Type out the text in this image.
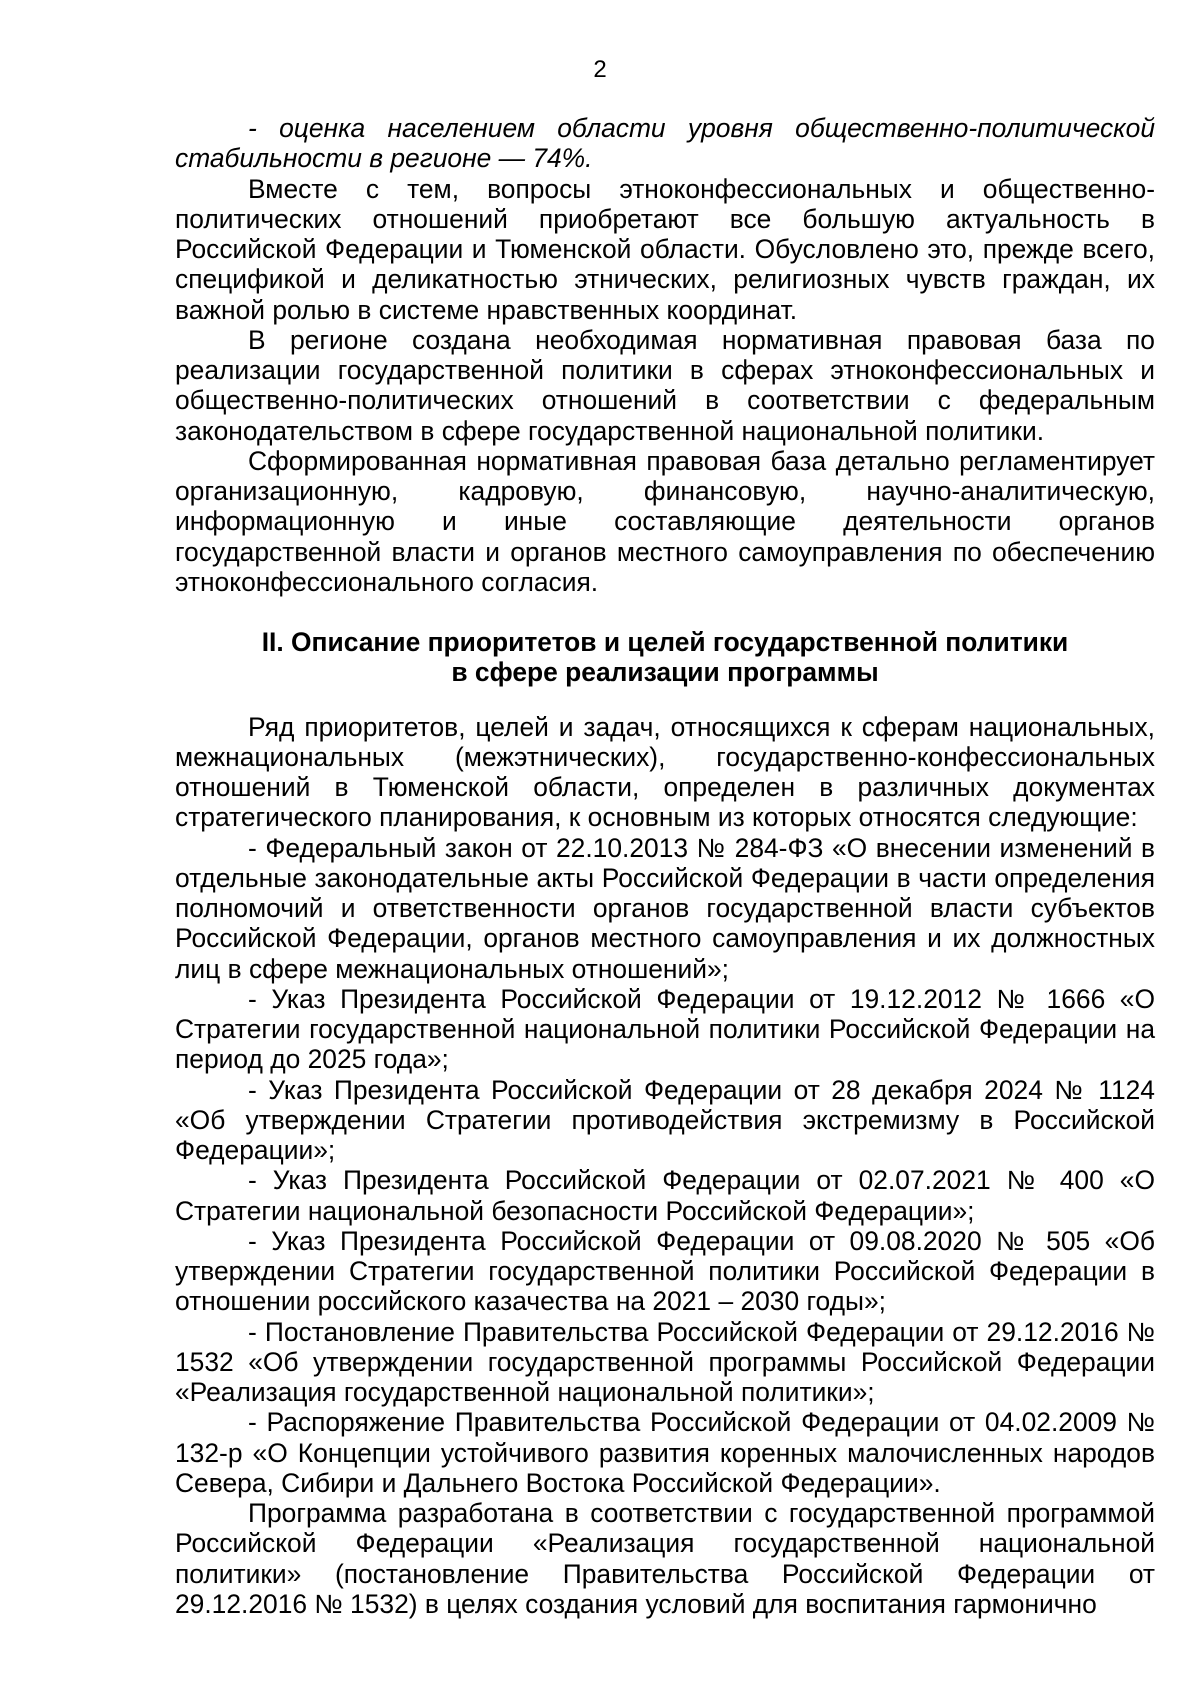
2

- оценка населением области уровня общественно-политической стабильности в регионе — 74%.

Вместе с тем, вопросы этноконфессиональных и общественно-политических отношений приобретают все большую актуальность в Российской Федерации и Тюменской области. Обусловлено это, прежде всего, спецификой и деликатностью этнических, религиозных чувств граждан, их важной ролью в системе нравственных координат.

В регионе создана необходимая нормативная правовая база по реализации государственной политики в сферах этноконфессиональных и общественно-политических отношений в соответствии с федеральным законодательством в сфере государственной национальной политики.

Сформированная нормативная правовая база детально регламентирует организационную, кадровую, финансовую, научно-аналитическую, информационную и иные составляющие деятельности органов государственной власти и органов местного самоуправления по обеспечению этноконфессионального согласия.

II. Описание приоритетов и целей государственной политики
в сфере реализации программы

Ряд приоритетов, целей и задач, относящихся к сферам национальных, межнациональных (межэтнических), государственно-конфессиональных отношений в Тюменской области, определен в различных документах стратегического планирования, к основным из которых относятся следующие:

- Федеральный закон от 22.10.2013 № 284-ФЗ «О внесении изменений в отдельные законодательные акты Российской Федерации в части определения полномочий и ответственности органов государственной власти субъектов Российской Федерации, органов местного самоуправления и их должностных лиц в сфере межнациональных отношений»;

- Указ Президента Российской Федерации от 19.12.2012 № 1666 «О Стратегии государственной национальной политики Российской Федерации на период до 2025 года»;

- Указ Президента Российской Федерации от 28 декабря 2024 № 1124 «Об утверждении Стратегии противодействия экстремизму в Российской Федерации»;

- Указ Президента Российской Федерации от 02.07.2021 № 400 «О Стратегии национальной безопасности Российской Федерации»;

- Указ Президента Российской Федерации от 09.08.2020 № 505 «Об утверждении Стратегии государственной политики Российской Федерации в отношении российского казачества на 2021 – 2030 годы»;

- Постановление Правительства Российской Федерации от 29.12.2016 № 1532 «Об утверждении государственной программы Российской Федерации «Реализация государственной национальной политики»;

- Распоряжение Правительства Российской Федерации от 04.02.2009 № 132-р «О Концепции устойчивого развития коренных малочисленных народов Севера, Сибири и Дальнего Востока Российской Федерации».

Программа разработана в соответствии с государственной программой Российской Федерации «Реализация государственной национальной политики» (постановление Правительства Российской Федерации от 29.12.2016 № 1532) в целях создания условий для воспитания гармонично
